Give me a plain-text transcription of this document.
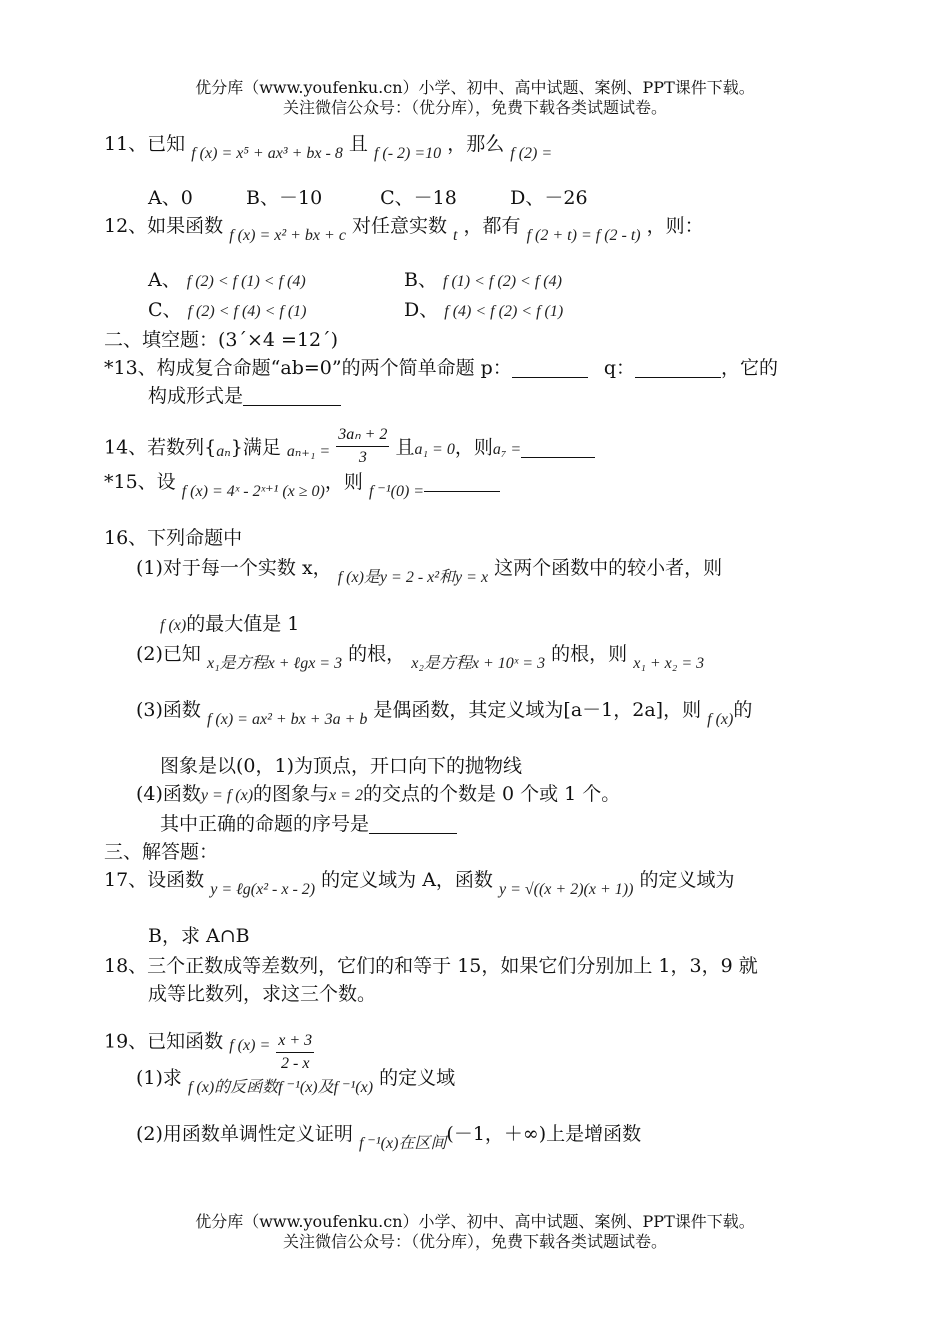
优分库（www.youfenku.cn）小学、初中、高中试题、案例、PPT课件下载。
关注微信公众号：（优分库），免费下载各类试题试卷。
11、已知 f (x) = x⁵ + ax³ + bx - 8 且 f (- 2) =10 ，那么 f (2) =
A、0	B、－10	C、－18	D、－26
12、如果函数 f (x) = x² + bx + c 对任意实数 t ，都有 f (2 + t) = f (2 - t) ，则：
A、 f (2) < f (1) < f (4)	B、 f (1) < f (2) < f (4)
C、 f (2) < f (4) < f (1)	D、 f (4) < f (2) < f (1)
二、填空题：(3´×4 =12´)
*13、构成复合命题“ab=0”的两个简单命题 p：	q：	，它的
构成形式是
14、若数列{aₙ}满足 $a_{n+1} = \frac{\text{3aₙ + 2}}{3}$ 且a₁ = 0，则a₇ =
*15、设 f (x) = 4ˣ - 2ˣ⁺¹ (x ≥ 0)，则 f ⁻¹(0) =
16、下列命题中
(1)对于每一个实数 x， f (x)是y = 2 - x²和y = x 这两个函数中的较小者，则
f (x)的最大值是 1
(2)已知 x₁是方程x + ℓgx = 3 的根， x₂是方程x + 10ˣ = 3 的根，则 x₁ + x₂ = 3
(3)函数 f (x) = ax² + bx + 3a + b 是偶函数，其定义域为[a－1，2a]，则 f (x)的
图象是以(0，1)为顶点，开口向下的抛物线
(4)函数y = f (x)的图象与x = 2的交点的个数是 0 个或 1 个。
其中正确的命题的序号是
三、解答题：
17、设函数 y = ℓg(x² - x - 2) 的定义域为 A，函数 y = √((x + 2)(x + 1)) 的定义域为
B，求 A∩B
18、三个正数成等差数列，它们的和等于 15，如果它们分别加上 1，3，9 就
成等比数列，求这三个数。
19、已知函数 f $(x) = \frac{x + 3}{2 - x}$
(1)求 f (x)的反函数f ⁻¹(x)及f ⁻¹(x) 的定义域
(2)用函数单调性定义证明 f ⁻¹(x)在区间(－1，＋∞)上是增函数
优分库（www.youfenku.cn）小学、初中、高中试题、案例、PPT课件下载。
关注微信公众号：（优分库），免费下载各类试题试卷。
